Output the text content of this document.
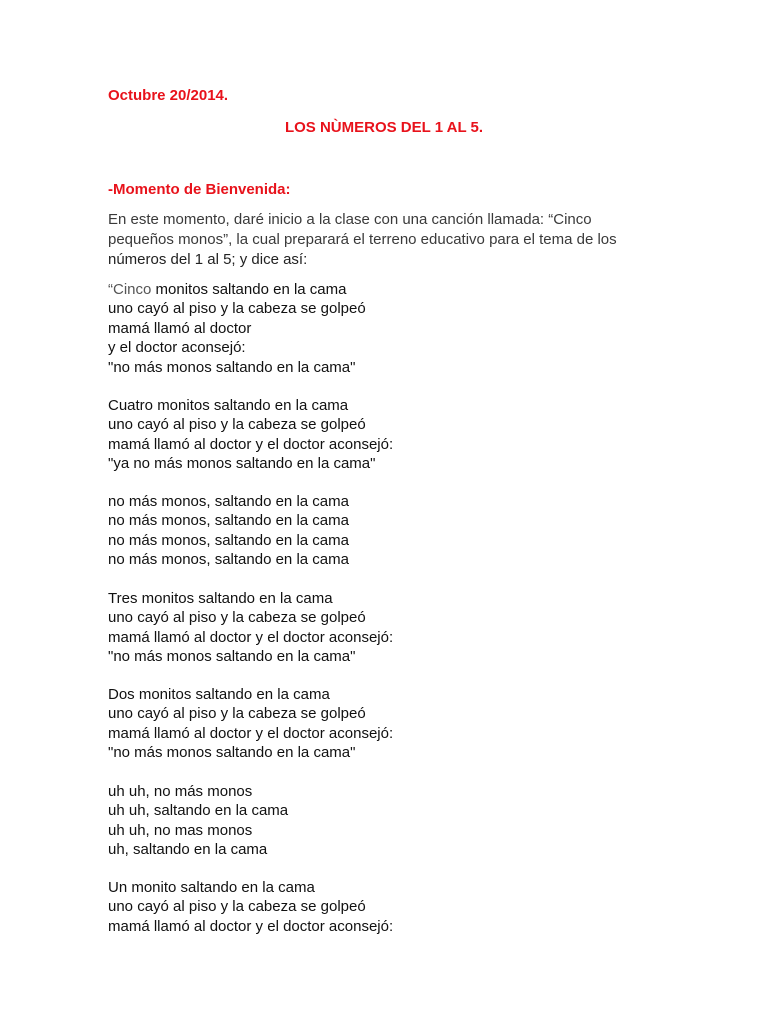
Octubre 20/2014.

LOS NÙMEROS DEL 1 AL 5.

-Momento de Bienvenida:

En este momento, daré inicio a la clase con una canción llamada: “Cinco
pequeños monos”, la cual preparará el terreno educativo para el tema de los
números del 1 al 5; y dice así:
“Cinco monitos saltando en la cama
uno cayó al piso y la cabeza se golpeó
mamá llamó al doctor
y el doctor aconsejó:
"no más monos saltando en la cama"
Cuatro monitos saltando en la cama
uno cayó al piso y la cabeza se golpeó
mamá llamó al doctor y el doctor aconsejó:
"ya no más monos saltando en la cama"
no más monos, saltando en la cama
no más monos, saltando en la cama
no más monos, saltando en la cama
no más monos, saltando en la cama
Tres monitos saltando en la cama
uno cayó al piso y la cabeza se golpeó
mamá llamó al doctor y el doctor aconsejó:
"no más monos saltando en la cama"
Dos monitos saltando en la cama
uno cayó al piso y la cabeza se golpeó
mamá llamó al doctor y el doctor aconsejó:
"no más monos saltando en la cama"
uh uh, no más monos
uh uh, saltando en la cama
uh uh, no mas monos
uh, saltando en la cama
Un monito saltando en la cama
uno cayó al piso y la cabeza se golpeó
mamá llamó al doctor y el doctor aconsejó:
